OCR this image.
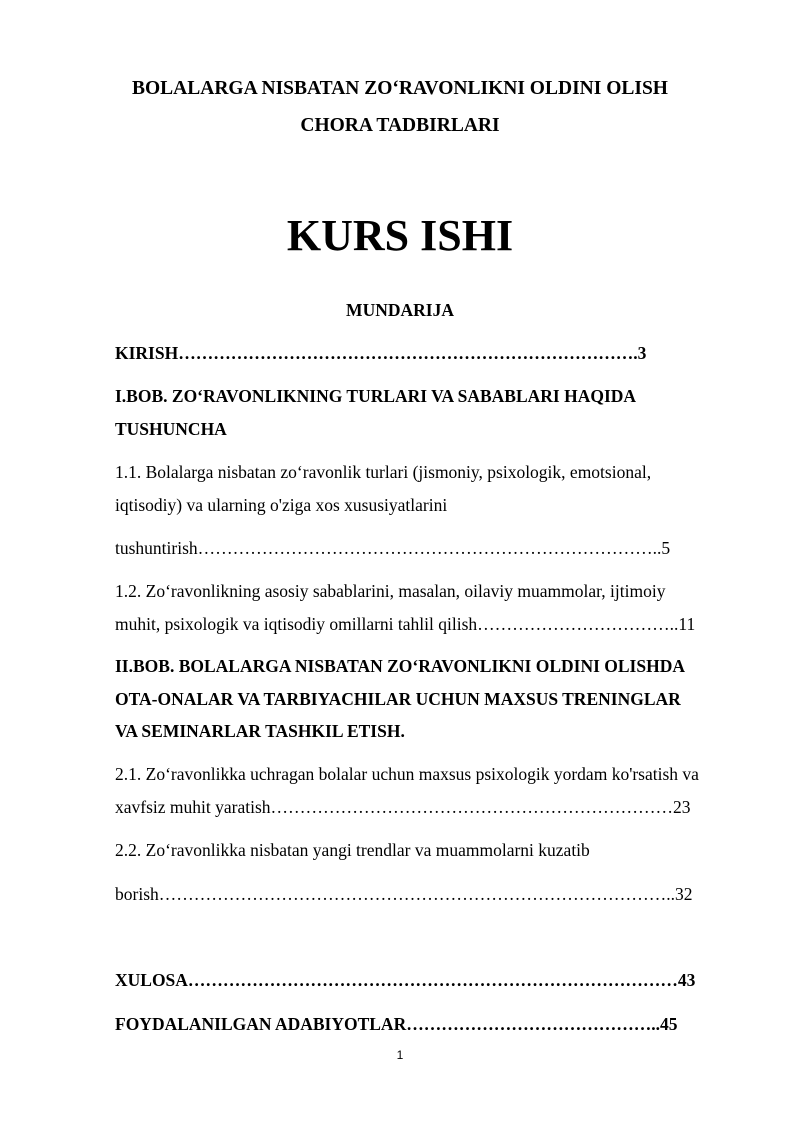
BOLALARGA NISBATAN ZO‘RAVONLIKNI OLDINI OLISH
CHORA TADBIRLARI
KURS ISHI
MUNDARIJA
KIRISH…………………………………………………………………….3
I.BOB. ZO‘RAVONLIKNING TURLARI VA SABABLARI HAQIDA
TUSHUNCHA
1.1. Bolalarga nisbatan zo‘ravonlik turlari (jismoniy, psixologik, emotsional,
iqtisodiy) va ularning o'ziga xos xususiyatlarini
tushuntirish……………………………………………………………………..5
1.2. Zo‘ravonlikning asosiy sabablarini, masalan, oilaviy muammolar, ijtimoiy
muhit, psixologik va iqtisodiy omillarni tahlil qilish……………………………..11
II.BOB. BOLALARGA NISBATAN ZO‘RAVONLIKNI OLDINI OLISHDA
OTA-ONALAR VA TARBIYACHILAR UCHUN MAXSUS TRENINGLAR
VA SEMINARLAR TASHKIL ETISH.
2.1. Zo‘ravonlikka uchragan bolalar uchun maxsus psixologik yordam ko'rsatish va
xavfsiz muhit yaratish……………………………………………………………23
2.2. Zo‘ravonlikka nisbatan yangi trendlar va muammolarni kuzatib
borish……………………………………………………………………………..32
XULOSA…………………………………………………………………………43
FOYDALANILGAN ADABIYOTLAR……………………………………..45
1
